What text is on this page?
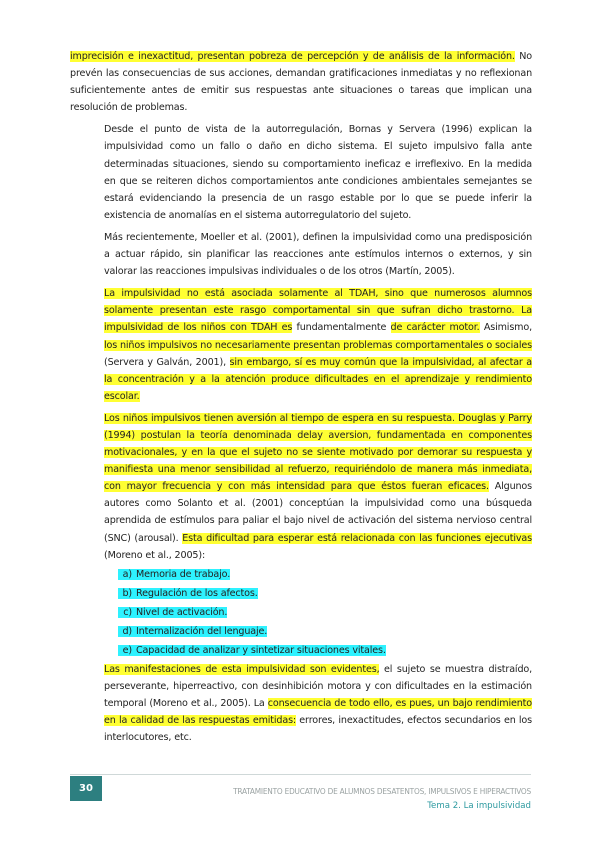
imprecisión e inexactitud, presentan pobreza de percepción y de análisis de la información. No prevén las consecuencias de sus acciones, demandan gratificaciones inmediatas y no reflexionan suficientemente antes de emitir sus respuestas ante situaciones o tareas que implican una resolución de problemas.

Desde el punto de vista de la autorregulación, Bornas y Servera (1996) explican la impulsividad como un fallo o daño en dicho sistema. El sujeto impulsivo falla ante determinadas situaciones, siendo su comportamiento ineficaz e irreflexivo. En la medida en que se reiteren dichos comportamientos ante condiciones ambientales semejantes se estará evidenciando la presencia de un rasgo estable por lo que se puede inferir la existencia de anomalías en el sistema autorregulatorio del sujeto.

Más recientemente, Moeller et al. (2001), definen la impulsividad como una predisposición a actuar rápido, sin planificar las reacciones ante estímulos internos o externos, y sin valorar las reacciones impulsivas individuales o de los otros (Martín, 2005).

La impulsividad no está asociada solamente al TDAH, sino que numerosos alumnos solamente presentan este rasgo comportamental sin que sufran dicho trastorno. La impulsividad de los niños con TDAH es fundamentalmente de carácter motor. Asimismo, los niños impulsivos no necesariamente presentan problemas comportamentales o sociales (Servera y Galván, 2001), sin embargo, sí es muy común que la impulsividad, al afectar a la concentración y a la atención produce dificultades en el aprendizaje y rendimiento escolar.

Los niños impulsivos tienen aversión al tiempo de espera en su respuesta. Douglas y Parry (1994) postulan la teoría denominada delay aversion, fundamentada en componentes motivacionales, y en la que el sujeto no se siente motivado por demorar su respuesta y manifiesta una menor sensibilidad al refuerzo, requiriéndolo de manera más inmediata, con mayor frecuencia y con más intensidad para que éstos fueran eficaces. Algunos autores como Solanto et al. (2001) conceptúan la impulsividad como una búsqueda aprendida de estímulos para paliar el bajo nivel de activación del sistema nervioso central (SNC) (arousal). Esta dificultad para esperar está relacionada con las funciones ejecutivas (Moreno et al., 2005):

a) Memoria de trabajo.
b) Regulación de los afectos.
c) Nivel de activación.
d) Internalización del lenguaje.
e) Capacidad de analizar y sintetizar situaciones vitales.

Las manifestaciones de esta impulsividad son evidentes, el sujeto se muestra distraído, perseverante, hiperreactivo, con desinhibición motora y con dificultades en la estimación temporal (Moreno et al., 2005). La consecuencia de todo ello, es pues, un bajo rendimiento en la calidad de las respuestas emitidas: errores, inexactitudes, efectos secundarios en los interlocutores, etc.

30	TRATAMIENTO EDUCATIVO DE ALUMNOS DESATENTOS, IMPULSIVOS E HIPERACTIVOS
Tema 2. La impulsividad
